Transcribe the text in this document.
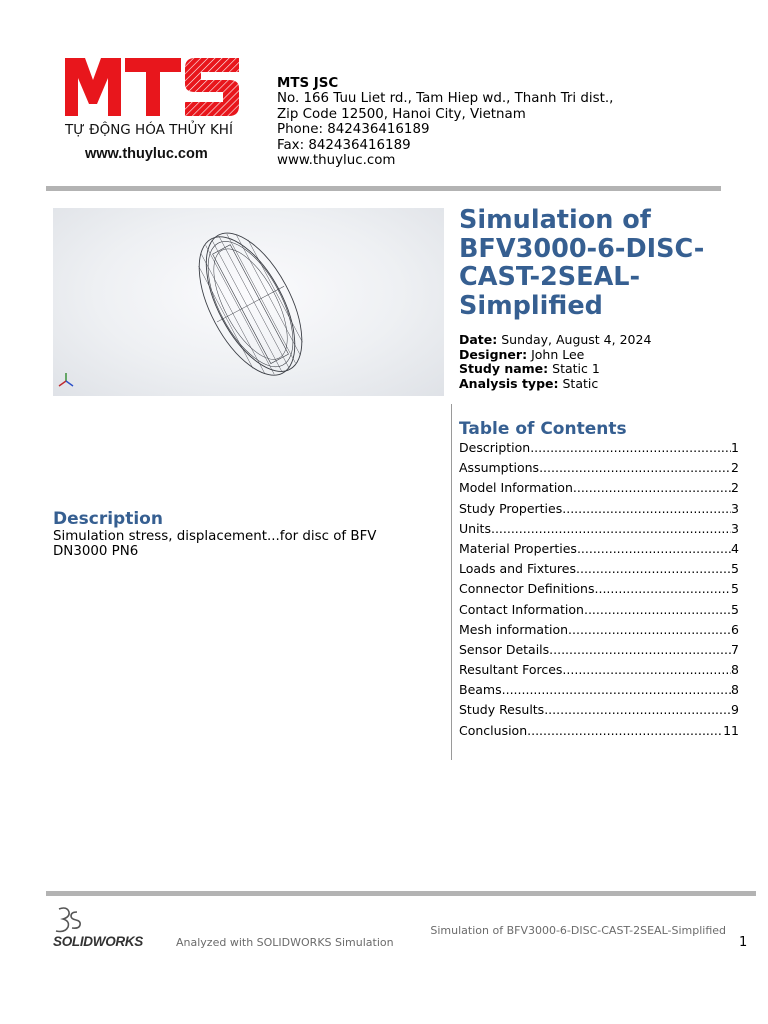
TỰ ĐỘNG HÓA THỦY KHÍ
www.thuyluc.com
MTS JSC
No. 166 Tuu Liet rd., Tam Hiep wd., Thanh Tri dist.,
Zip Code 12500, Hanoi City, Vietnam
Phone: 842436416189
Fax: 842436416189
www.thuyluc.com
Simulation of BFV3000-6-DISC-CAST-2SEAL-Simplified
Date: Sunday, August 4, 2024
Designer: John Lee
Study name: Static 1
Analysis type: Static
Table of Contents
Description .....	1
Assumptions .....	2
Model Information .....	2
Study Properties .....	3
Units .....	3
Material Properties .....	4
Loads and Fixtures .....	5
Connector Definitions .....	5
Contact Information .....	5
Mesh information .....	6
Sensor Details .....	7
Resultant Forces .....	8
Beams .....	8
Study Results .....	9
Conclusion .....	11
Description
Simulation stress, displacement...for disc of BFV DN3000 PN6
SOLIDWORKS	Analyzed with SOLIDWORKS Simulation
Simulation of BFV3000-6-DISC-CAST-2SEAL-Simplified
1
